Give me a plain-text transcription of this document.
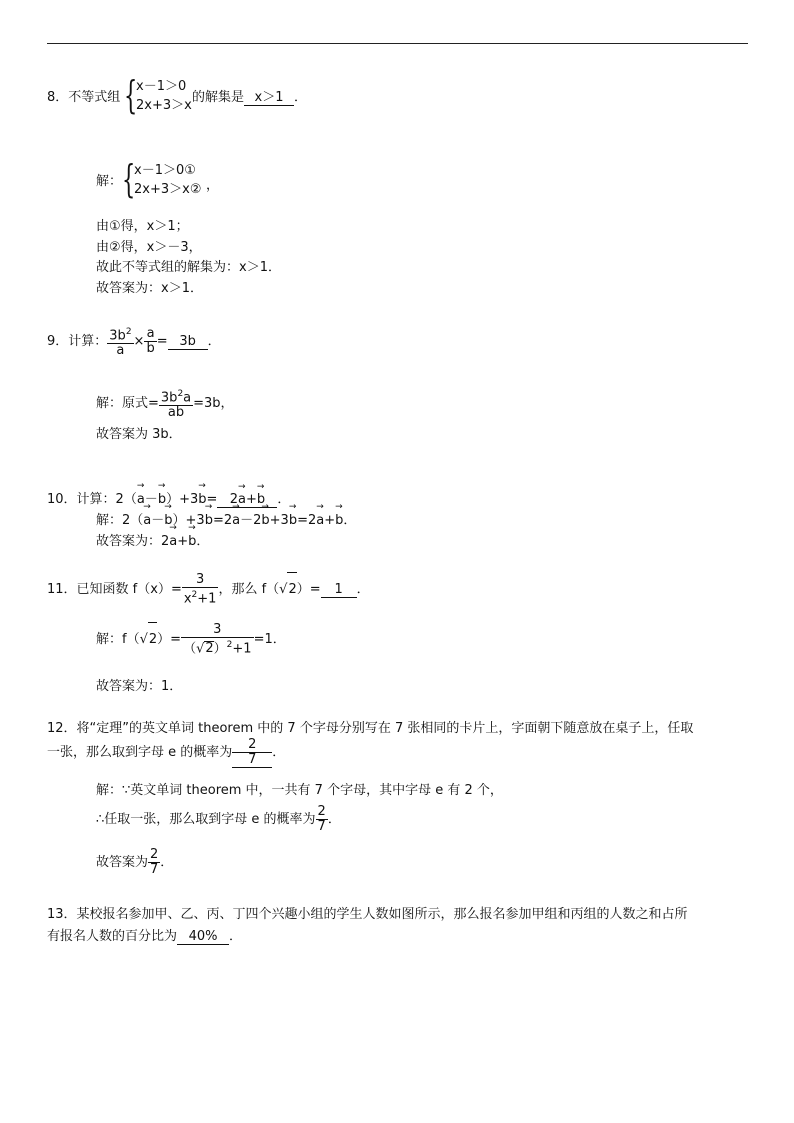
8．不等式组 {
x－1＞0
2x+3＞x
的解集是 x＞1 ．
解： {
x－1＞0①
2x+3＞x② ，
由①得，x＞1；
由②得，x＞－3，
故此不等式组的解集为：x＞1．
故答案为：x＞1．
9．计算： $\frac{3b^2}{a} \times \frac{a}{b} = 3b$ ．
解：原式= $\frac{3b^2a}{ab} =3b$，
故答案为 3b．
10．计算：2（→ a－→ b）+3→ b= 2→ a+→ b ．
解：2（→ a－→ b）+3→ b=2→ a－2→ b+3→ b=2→ a+→ b．
故答案为：2→ a+→ b．
11．已知函数 $f(x)= \frac{3}{x^2+1}$ ，那么 f（√2）= 1 ．
解：$f(√2)= \frac{3}{(√2)^2+1} =1$．
故答案为：1．
12．将“定理”的英文单词 theorem 中的 7 个字母分别写在 7 张相同的卡片上，字面朝下随意放在桌子上，任取
一张，那么取到字母 e 的概率为 $\frac{2}{7}$ ．
解：∵英文单词 theorem 中，一共有 7 个字母，其中字母 e 有 2 个，
∴任取一张，那么取到字母 e 的概率为 $\frac{2}{7}$ ．
故答案为 $\frac{2}{7}$ ．
13．某校报名参加甲、乙、丙、丁四个兴趣小组的学生人数如图所示，那么报名参加甲组和丙组的人数之和占所
有报名人数的百分比为 40% ．
